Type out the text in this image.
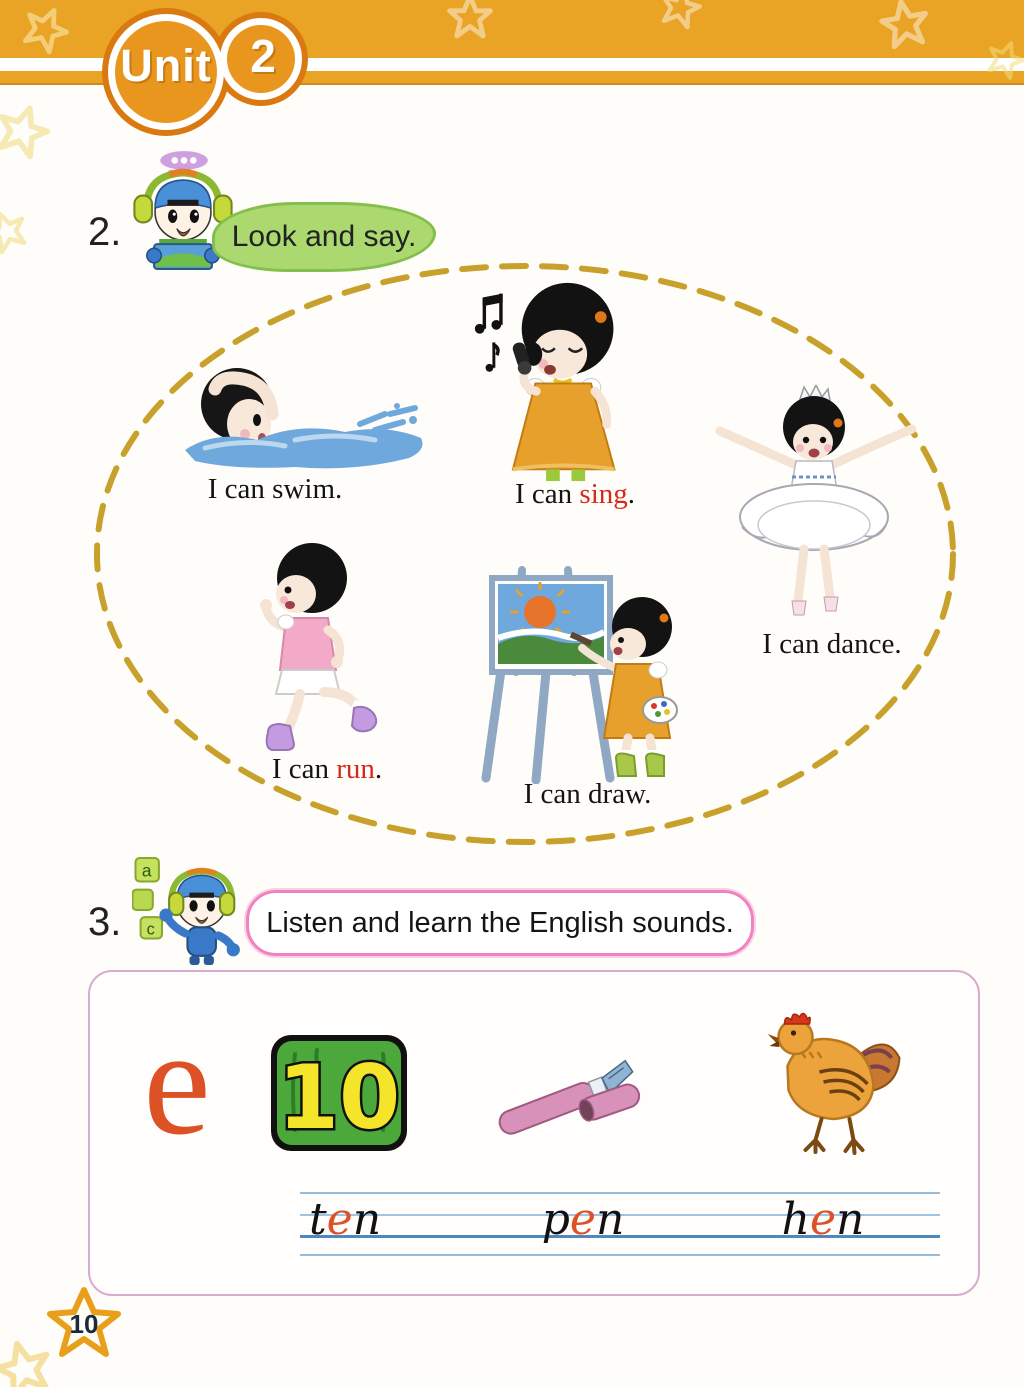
Unit 2
2.	Look and say.
I can swim.	I can sing.
I can dance.
I can run.
I can draw.
3.
a
c	Listen and learn the English sounds.
e 10
ten	pen	hen
10
